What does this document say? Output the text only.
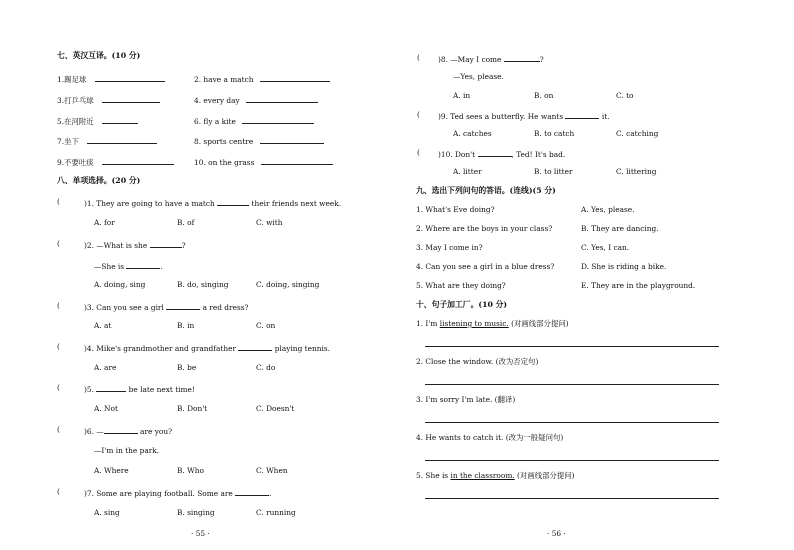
七、英汉互译。(10 分)
1.踢足球	2. have a match
3.打乒乓球	4. every day
5.在河附近	6. fly a kite
7.坐下	8. sports centre
9.不要吐痰	10. on the grass
八、单项选择。(20 分)
(	)1. They are going to have a match	their friends next week.
A. for	B. of	C. with
(	)2. —What is she	?
—She is	.
A. doing, sing	B. do, singing	C. doing, singing
(	)3. Can you see a girl	a red dress?
A. at	B. in	C. on
(	)4. Mike's grandmother and grandfather	playing tennis.
A. are	B. be	C. do
(	)5.	be late next time!
A. Not	B. Don't	C. Doesn't
(	)6. —	are you?
—I'm in the park.
A. Where	B. Who	C. When
(	)7. Some are playing football. Some are	.
A. sing	B. singing	C. running
· 55 ·
( )8. —May I come	?
—Yes, please.
A. in	B. on	C. to
( )9. Ted sees a butterfly. He wants	it.
A. catches	B. to catch	C. catching
( )10. Don't	, Ted! It's bad.
A. litter	B. to litter	C. littering
九、选出下列问句的答语。(连线)(5 分)
1. What's Eve doing?	A. Yes, please.
2. Where are the boys in your class?	B. They are dancing.
3. May I come in?	C. Yes, I can.
4. Can you see a girl in a blue dress?	D. She is riding a bike.
5. What are they doing?	E. They are in the playground.
十、句子加工厂。(10 分)
1. I'm listening to music. (对画线部分提问)
2. Close the window. (改为否定句)
3. I'm sorry I'm late. (翻译)
4. He wants to catch it. (改为一般疑问句)
5. She is in the classroom. (对画线部分提问)
· 56 ·
